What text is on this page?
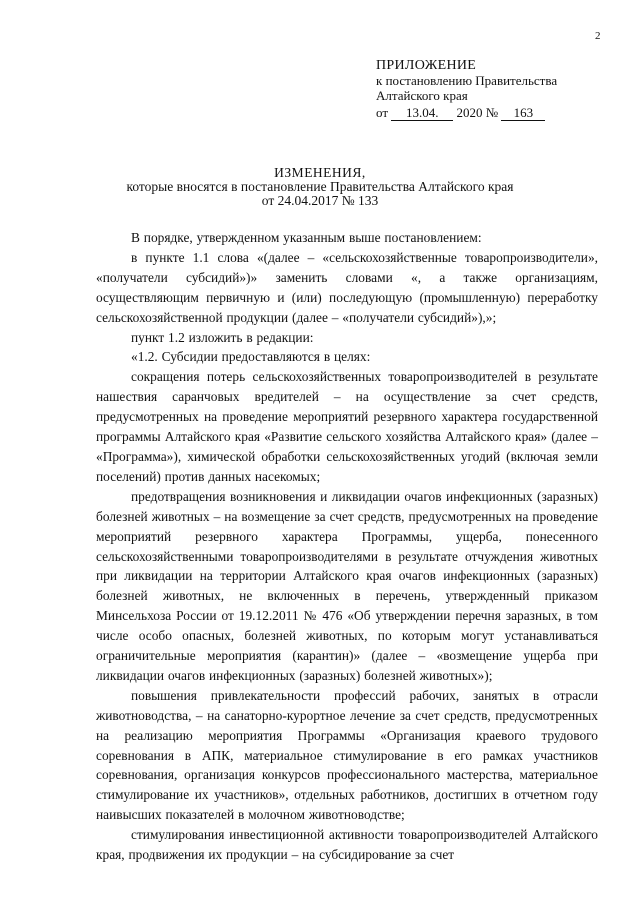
2
ПРИЛОЖЕНИЕ
к постановлению Правительства
Алтайского края
от 13.04. 2020 № 163
ИЗМЕНЕНИЯ,
которые вносятся в постановление Правительства Алтайского края
от 24.04.2017 № 133

В порядке, утвержденном указанным выше постановлением:

в пункте 1.1 слова «(далее – «сельскохозяйственные товаропроизводители», «получатели субсидий»)» заменить словами «, а также организациям, осуществляющим первичную и (или) последующую (промышленную) переработку сельскохозяйственной продукции (далее – «получатели субсидий»),»;

пункт 1.2 изложить в редакции:

«1.2. Субсидии предоставляются в целях:

сокращения потерь сельскохозяйственных товаропроизводителей в результате нашествия саранчовых вредителей – на осуществление за счет средств, предусмотренных на проведение мероприятий резервного характера государственной программы Алтайского края «Развитие сельского хозяйства Алтайского края» (далее – «Программа»), химической обработки сельскохозяйственных угодий (включая земли поселений) против данных насекомых;

предотвращения возникновения и ликвидации очагов инфекционных (заразных) болезней животных – на возмещение за счет средств, предусмотренных на проведение мероприятий резервного характера Программы, ущерба, понесенного сельскохозяйственными товаропроизводителями в результате отчуждения животных при ликвидации на территории Алтайского края очагов инфекционных (заразных) болезней животных, не включенных в перечень, утвержденный приказом Минсельхоза России от 19.12.2011 № 476 «Об утверждении перечня заразных, в том числе особо опасных, болезней животных, по которым могут устанавливаться ограничительные мероприятия (карантин)» (далее – «возмещение ущерба при ликвидации очагов инфекционных (заразных) болезней животных»);

повышения привлекательности профессий рабочих, занятых в отрасли животноводства, – на санаторно-курортное лечение за счет средств, предусмотренных на реализацию мероприятия Программы «Организация краевого трудового соревнования в АПК, материальное стимулирование в его рамках участников соревнования, организация конкурсов профессионального мастерства, материальное стимулирование их участников», отдельных работников, достигших в отчетном году наивысших показателей в молочном животноводстве;

стимулирования инвестиционной активности товаропроизводителей Алтайского края, продвижения их продукции – на субсидирование за счет
